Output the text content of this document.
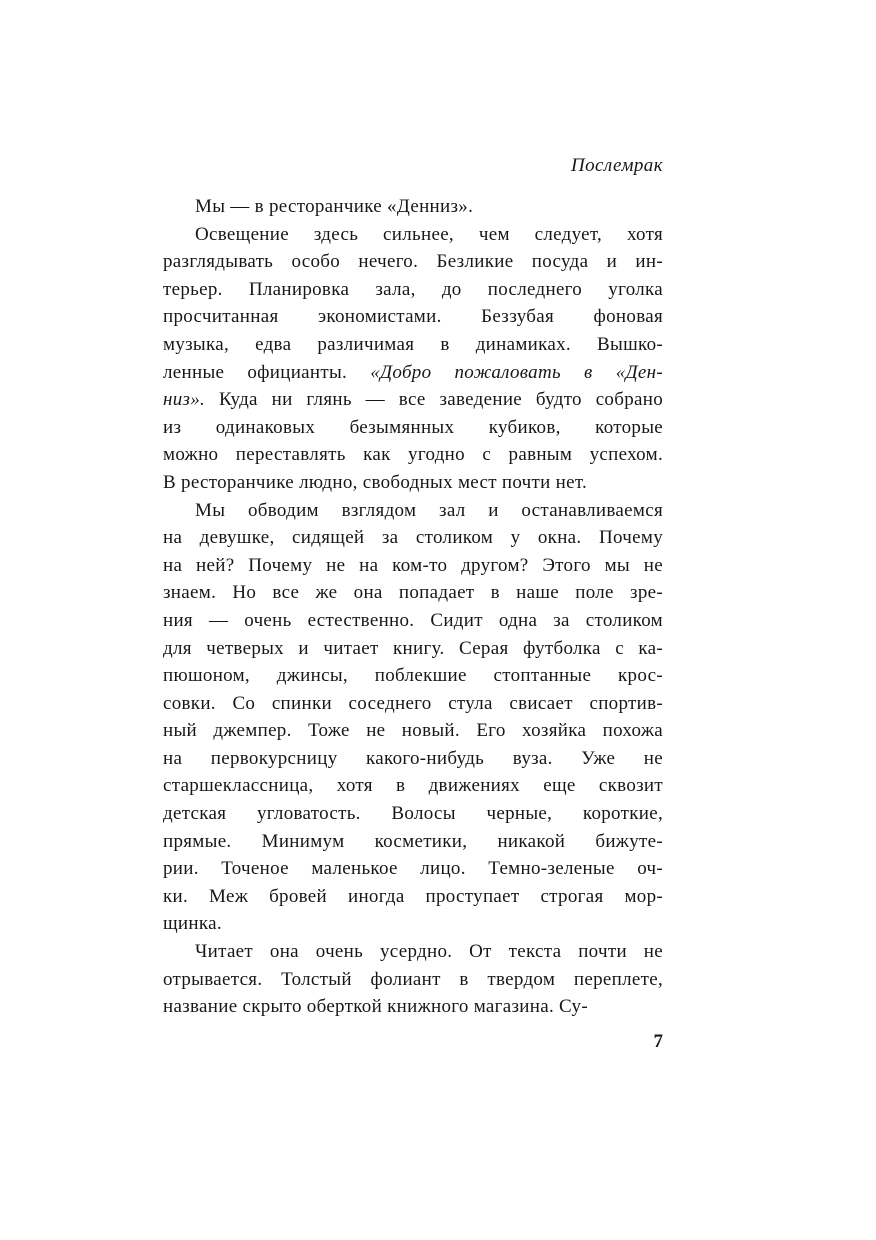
Послемрак

Мы — в ресторанчике «Денниз».

Освещение здесь сильнее, чем следует, хотя
разглядывать особо нечего. Безликие посуда и ин-
терьер. Планировка зала, до последнего уголка
просчитанная экономистами. Беззубая фоновая
музыка, едва различимая в динамиках. Вышко-
ленные официанты. «Добро пожаловать в «Ден-
низ». Куда ни глянь — все заведение будто собрано
из одинаковых безымянных кубиков, которые
можно переставлять как угодно с равным успехом.
В ресторанчике людно, свободных мест почти нет.

Мы обводим взглядом зал и останавливаемся
на девушке, сидящей за столиком у окна. Почему
на ней? Почему не на ком-то другом? Этого мы не
знаем. Но все же она попадает в наше поле зре-
ния — очень естественно. Сидит одна за столиком
для четверых и читает книгу. Серая футболка с ка-
пюшоном, джинсы, поблекшие стоптанные крос-
совки. Со спинки соседнего стула свисает спортив-
ный джемпер. Тоже не новый. Его хозяйка похожа
на первокурсницу какого-нибудь вуза. Уже не
старшеклассница, хотя в движениях еще сквозит
детская угловатость. Волосы черные, короткие,
прямые. Минимум косметики, никакой бижуте-
рии. Точеное маленькое лицо. Темно-зеленые оч-
ки. Меж бровей иногда проступает строгая мор-
щинка.

Читает она очень усердно. От текста почти не
отрывается. Толстый фолиант в твердом переплете,
название скрыто оберткой книжного магазина. Су-

7
